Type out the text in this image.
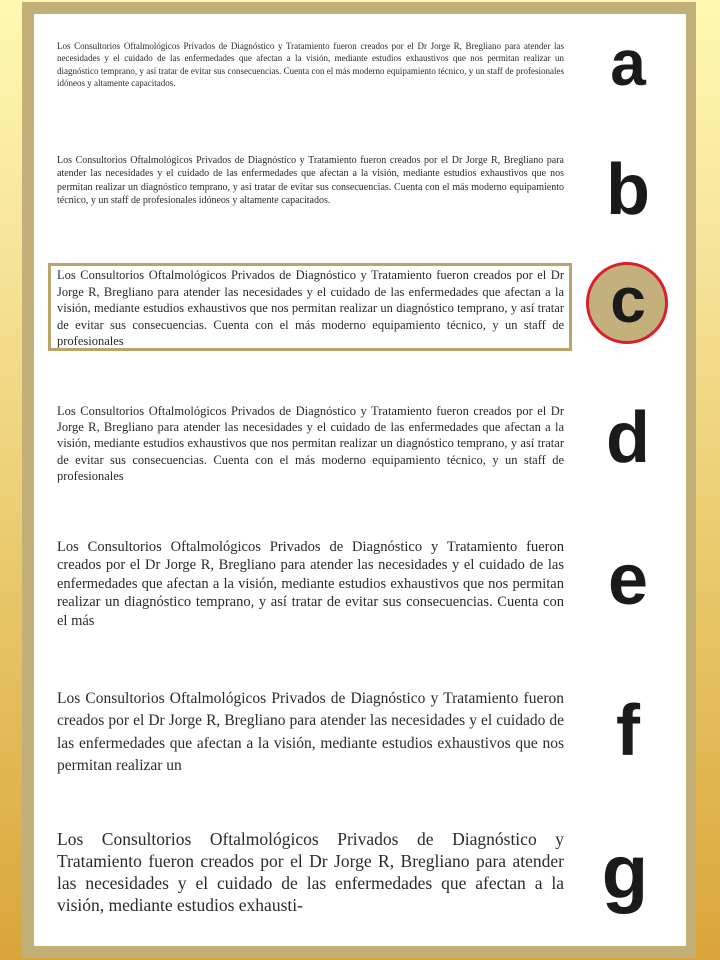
Los Consultorios Oftalmológicos Privados de Diagnóstico y Tratamiento fueron creados por el Dr Jorge R, Bregliano para atender las necesidades y el cuidado de las enfermedades que afectan a la visión, mediante estudios exhaustivos que nos permitan realizar un diagnóstico temprano, y así tratar de evitar sus consecuencias. Cuenta con el más moderno equipamiento técnico, y un staff de profesionales idóneos y altamente capacitados.

Los Consultorios Oftalmológicos Privados de Diagnóstico y Tratamiento fueron creados por el Dr Jorge R, Bregliano para atender las necesidades y el cuidado de las enfermedades que afectan a la visión, mediante estudios exhaustivos que nos permitan realizar un diagnóstico temprano, y así tratar de evitar sus consecuencias. Cuenta con el más moderno equipamiento técnico, y un staff de profesionales idóneos y altamente capacitados.

Los Consultorios Oftalmológicos Privados de Diagnóstico y Tratamiento fueron creados por el Dr Jorge R, Bregliano para atender las necesidades y el cuidado de las enfermedades que afectan a la visión, mediante estudios exhaustivos que nos permitan realizar un diagnóstico temprano, y así tratar de evitar sus consecuencias. Cuenta con el más moderno equipamiento técnico, y un staff de profesionales

Los Consultorios Oftalmológicos Privados de Diagnóstico y Tratamiento fueron creados por el Dr Jorge R, Bregliano para atender las necesidades y el cuidado de las enfermedades que afectan a la visión, mediante estudios exhaustivos que nos permitan realizar un diagnóstico temprano, y así tratar de evitar sus consecuencias. Cuenta con el más moderno equipamiento técnico, y un staff de profesionales

Los Consultorios Oftalmológicos Privados de Diagnóstico y Tratamiento fueron creados por el Dr Jorge R, Bregliano para atender las necesidades y el cuidado de las enfermedades que afectan a la visión, mediante estudios exhaustivos que nos permitan realizar un diagnóstico temprano, y así tratar de evitar sus consecuencias. Cuenta con el más

Los Consultorios Oftalmológicos Privados de Diagnóstico y Tratamiento fueron creados por el Dr Jorge R, Bregliano para atender las necesidades y el cuidado de las enfermedades que afectan a la visión, mediante estudios exhaustivos que nos permitan realizar un

Los Consultorios Oftalmológicos Privados de Diagnóstico y Tratamiento fueron creados por el Dr Jorge R, Bregliano para atender las necesidades y el cuidado de las enfermedades que afectan a la visión, mediante estudios exhausti-

a
b
c
d
e
f
g
